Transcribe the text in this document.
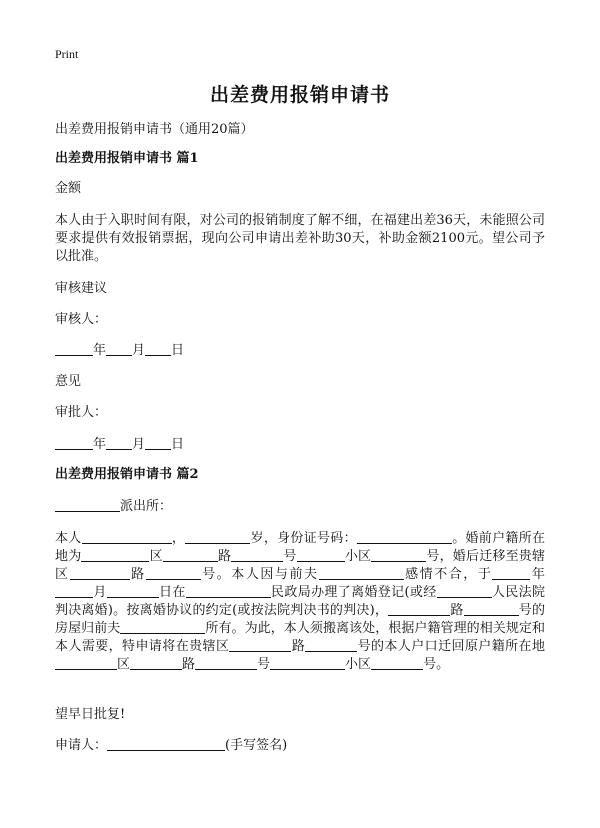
Print
出差费用报销申请书
出差费用报销申请书（通用20篇）
出差费用报销申请书 篇1
金额
本人由于入职时间有限，对公司的报销制度了解不细，在福建出差36天，未能照公司要求提供有效报销票据，现向公司申请出差补助30天，补助金额2100元。望公司予以批准。
审核建议
审核人：
年 月 日
意见
审批人：
年 月 日
出差费用报销申请书 篇2
派出所：
本人	，	岁，身份证号码：	。婚前户籍所在地为	区	路	号	小区	号，婚后迁移至贵辖区	路	号。本人因与前夫	感情不合，于	年月	日在	民政局办理了离婚登记(或经	人民法院判决离婚)。按离婚协议的约定(或按法院判决书的判决)，	路	号的房屋归前夫	所有。为此，本人须搬离该处，根据户籍管理的相关规定和本人需要，特申请将在贵辖区	路	号的本人户口迁回原户籍所在地区	路	号	小区	号。
望早日批复!
申请人：	(手写签名)
